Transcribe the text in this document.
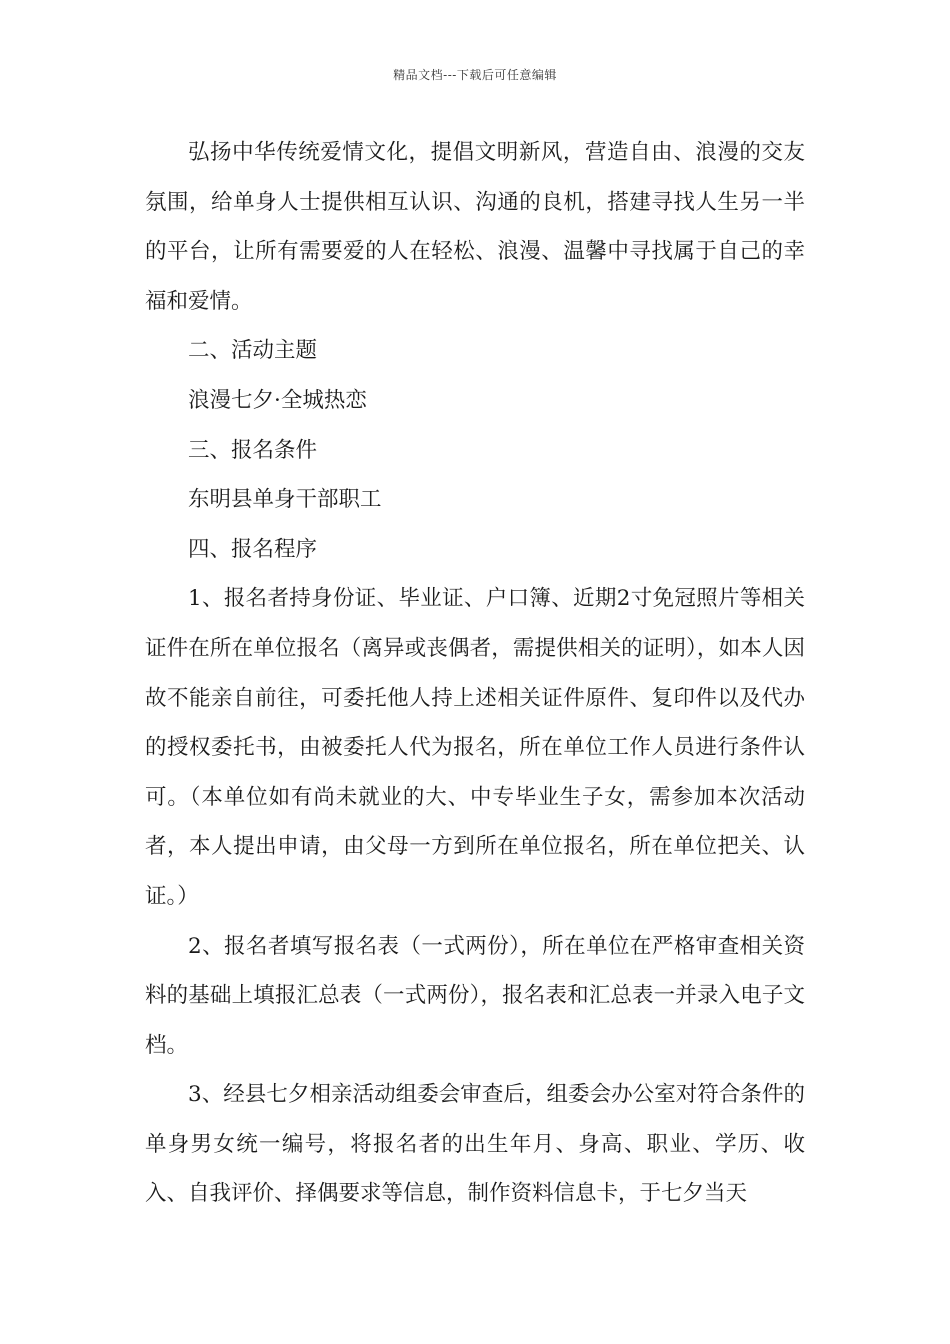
精品文档---下载后可任意编辑

弘扬中华传统爱情文化，提倡文明新风，营造自由、浪漫的交友氛围，给单身人士提供相互认识、沟通的良机，搭建寻找人生另一半的平台，让所有需要爱的人在轻松、浪漫、温馨中寻找属于自己的幸福和爱情。

二、活动主题

浪漫七夕·全城热恋

三、报名条件

东明县单身干部职工

四、报名程序

1、报名者持身份证、毕业证、户口簿、近期2寸免冠照片等相关证件在所在单位报名（离异或丧偶者，需提供相关的证明），如本人因故不能亲自前往，可委托他人持上述相关证件原件、复印件以及代办的授权委托书，由被委托人代为报名，所在单位工作人员进行条件认可。（本单位如有尚未就业的大、中专毕业生子女，需参加本次活动者，本人提出申请，由父母一方到所在单位报名，所在单位把关、认证。）

2、报名者填写报名表（一式两份），所在单位在严格审查相关资料的基础上填报汇总表（一式两份），报名表和汇总表一并录入电子文档。

3、经县七夕相亲活动组委会审查后，组委会办公室对符合条件的单身男女统一编号，将报名者的出生年月、身高、职业、学历、收入、自我评价、择偶要求等信息，制作资料信息卡，于七夕当天
